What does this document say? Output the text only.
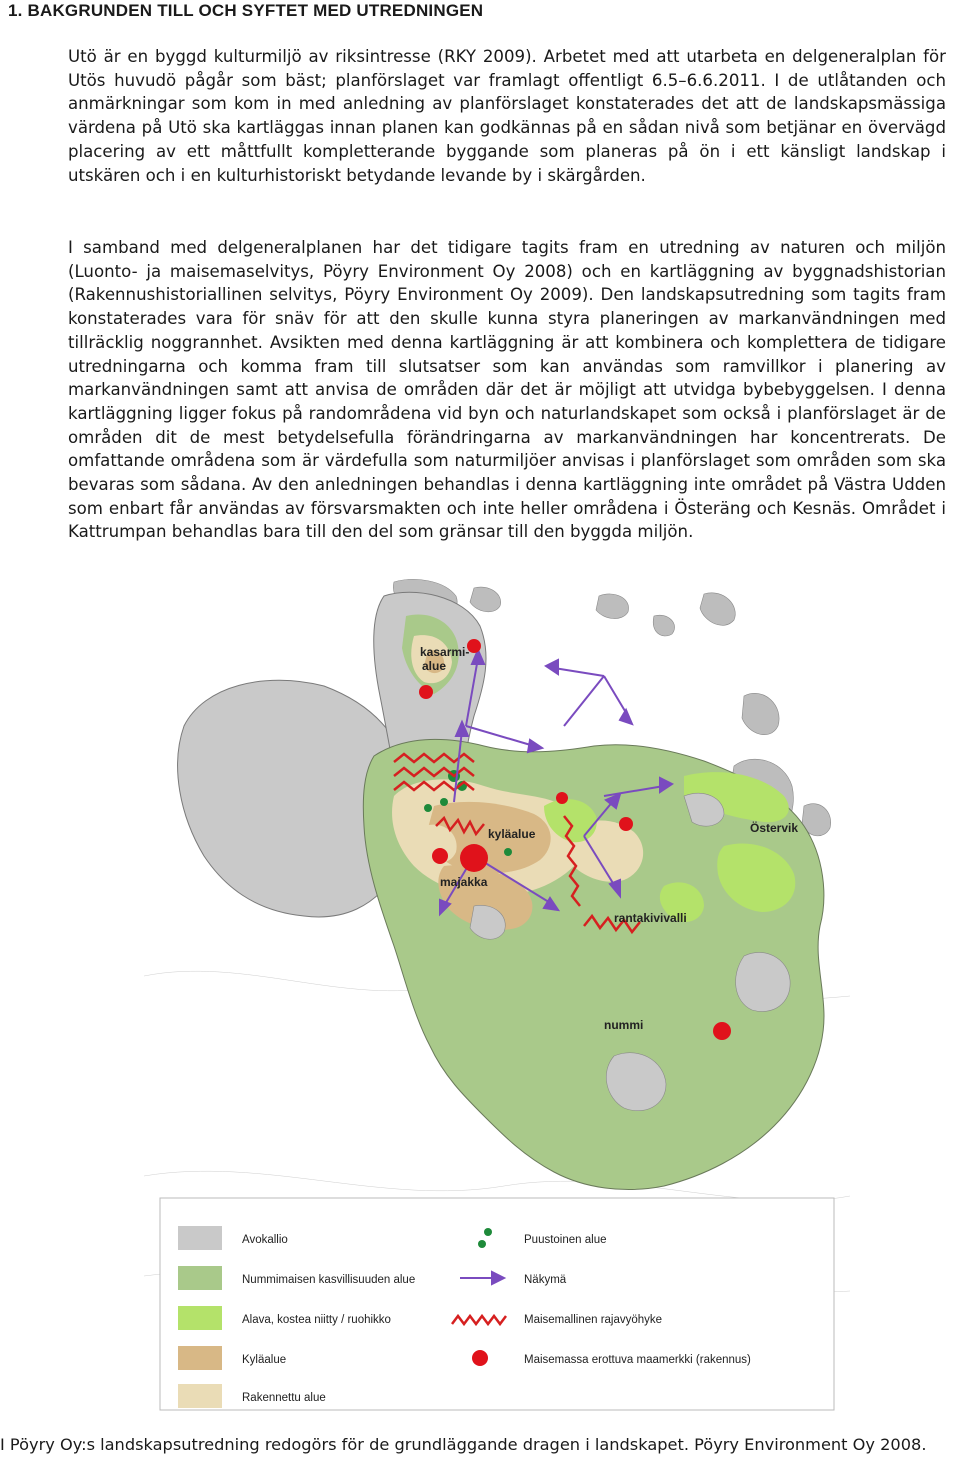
1. BAKGRUNDEN TILL OCH SYFTET MED UTREDNINGEN

Utö är en byggd kulturmiljö av riksintresse (RKY 2009). Arbetet med att utarbeta en delgeneralplan för Utös huvudö pågår som bäst; planförslaget var framlagt offentligt 6.5–6.6.2011. I de utlåtanden och anmärkningar som kom in med anledning av planförslaget konstaterades det att de landskapsmässiga värdena på Utö ska kartläggas innan planen kan godkännas på en sådan nivå som betjänar en övervägd placering av ett måttfullt kompletterande byggande som planeras på ön i ett känsligt landskap i utskären och i en kulturhistoriskt betydande levande by i skärgården.

I samband med delgeneralplanen har det tidigare tagits fram en utredning av naturen och miljön (Luonto- ja maisemaselvitys, Pöyry Environment Oy 2008) och en kartläggning av byggnadshistorian (Rakennushistoriallinen selvitys, Pöyry Environment Oy 2009). Den landskapsutredning som tagits fram konstaterades vara för snäv för att den skulle kunna styra planeringen av markanvändningen med tillräcklig noggrannhet. Avsikten med denna kartläggning är att kombinera och komplettera de tidigare utredningarna och komma fram till slutsatser som kan användas som ramvillkor i planering av markanvändningen samt att anvisa de områden där det är möjligt att utvidga bybebyggelsen. I denna kartläggning ligger fokus på randområdena vid byn och naturlandskapet som också i planförslaget är de områden dit de mest betydelsefulla förändringarna av markanvändningen har koncentrerats. De omfattande områdena som är värdefulla som naturmiljöer anvisas i planförslaget som områden som ska bevaras som sådana. Av den anledningen behandlas i denna kartläggning inte området på Västra Udden som enbart får användas av försvarsmakten och inte heller områdena i Österäng och Kesnäs. Området i Kattrumpan behandlas bara till den del som gränsar till den byggda miljön.

kasarmi-
alue
kyläalue
majakka
Östervik
rantakivivalli
nummi
Avokallio
Nummimaisen kasvillisuuden alue
Alava, kostea niitty / ruohikko
Kyläalue
Rakennettu alue
Puustoinen alue
Näkymä
Maisemallinen rajavyöhyke
Maisemassa erottuva maamerkki (rakennus)

I Pöyry Oy:s landskapsutredning redogörs för de grundläggande dragen i landskapet. Pöyry Environment Oy 2008.
